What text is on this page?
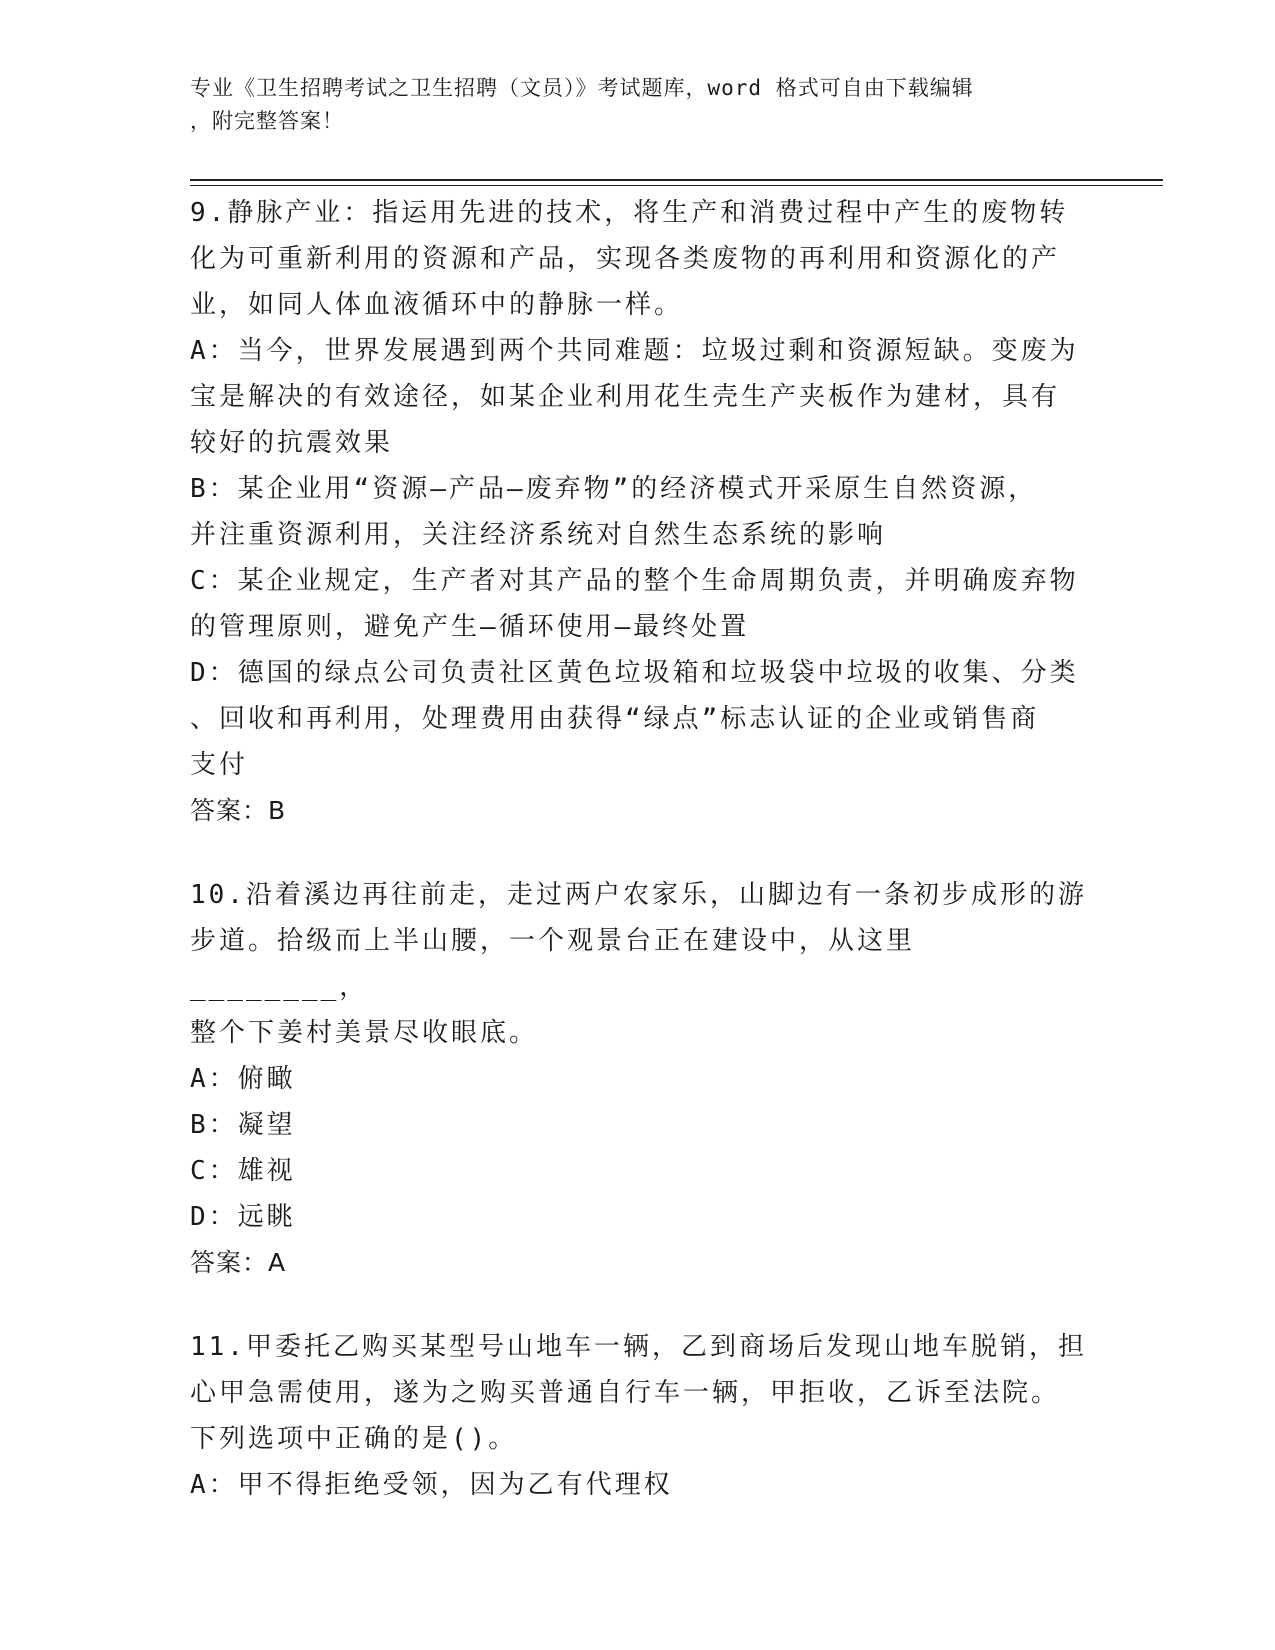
专业《卫生招聘考试之卫生招聘（文员）》考试题库，word 格式可自由下载编辑
，附完整答案！
9.静脉产业：指运用先进的技术，将生产和消费过程中产生的废物转
化为可重新利用的资源和产品，实现各类废物的再利用和资源化的产
业，如同人体血液循环中的静脉一样。
A：当今，世界发展遇到两个共同难题：垃圾过剩和资源短缺。变废为
宝是解决的有效途径，如某企业利用花生壳生产夹板作为建材，具有
较好的抗震效果
B：某企业用“资源—产品—废弃物”的经济模式开采原生自然资源，
并注重资源利用，关注经济系统对自然生态系统的影响
C：某企业规定，生产者对其产品的整个生命周期负责，并明确废弃物
的管理原则，避免产生—循环使用—最终处置
D：德国的绿点公司负责社区黄色垃圾箱和垃圾袋中垃圾的收集、分类
、回收和再利用，处理费用由获得“绿点”标志认证的企业或销售商
支付
答案：B
10.沿着溪边再往前走，走过两户农家乐，山脚边有一条初步成形的游
步道。拾级而上半山腰，一个观景台正在建设中，从这里________，
整个下姜村美景尽收眼底。
A：俯瞰
B：凝望
C：雄视
D：远眺
答案：A
11.甲委托乙购买某型号山地车一辆，乙到商场后发现山地车脱销，担
心甲急需使用，遂为之购买普通自行车一辆，甲拒收，乙诉至法院。
下列选项中正确的是()。
A：甲不得拒绝受领，因为乙有代理权
